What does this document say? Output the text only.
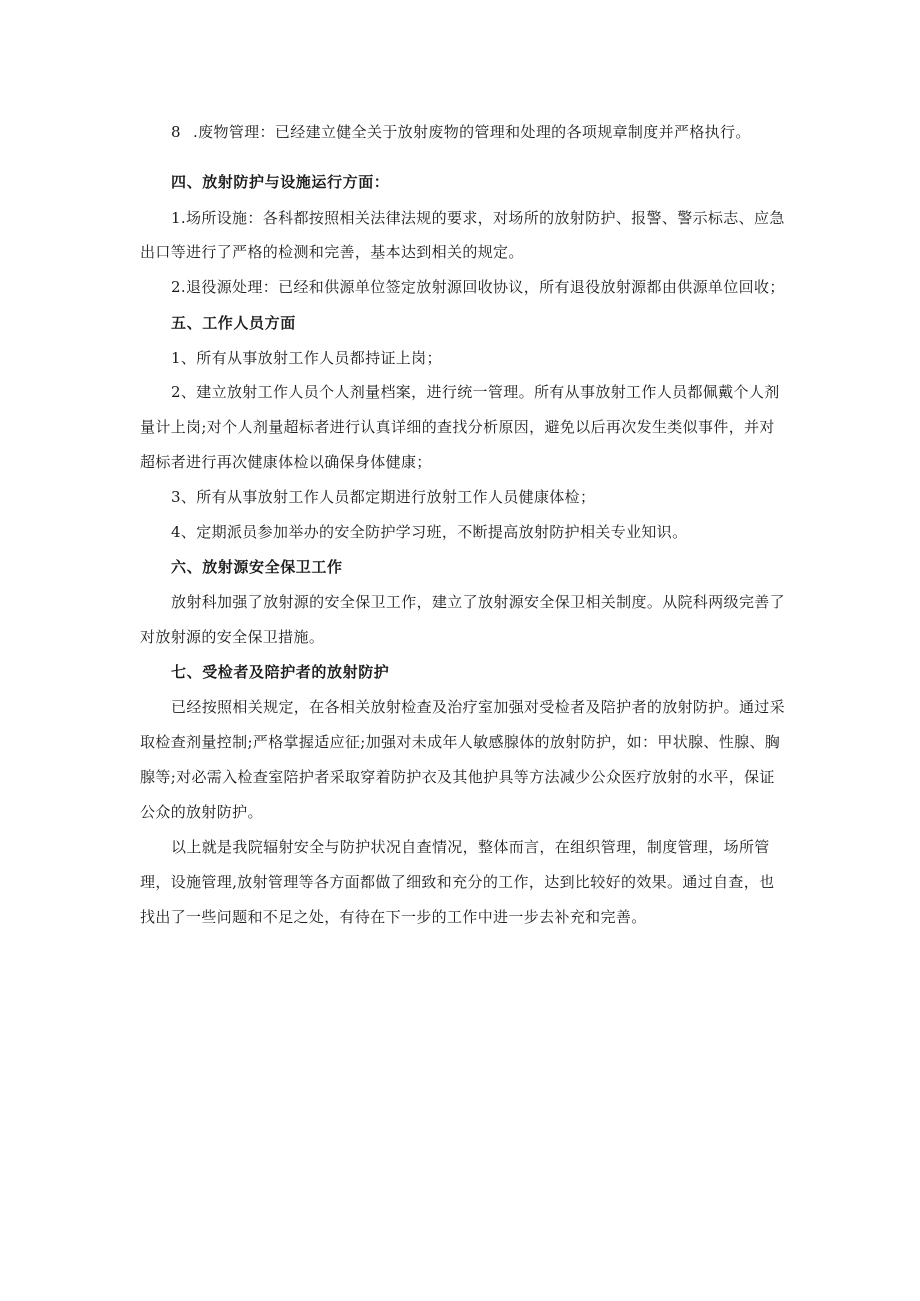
8 .废物管理：已经建立健全关于放射废物的管理和处理的各项规章制度并严格执行。
四、放射防护与设施运行方面：
1.场所设施：各科都按照相关法律法规的要求，对场所的放射防护、报警、警示标志、应急
出口等进行了严格的检测和完善，基本达到相关的规定。
2.退役源处理：已经和供源单位签定放射源回收协议，所有退役放射源都由供源单位回收；
五、工作人员方面
1、所有从事放射工作人员都持证上岗；
2、建立放射工作人员个人剂量档案，进行统一管理。所有从事放射工作人员都佩戴个人剂
量计上岗;对个人剂量超标者进行认真详细的查找分析原因，避免以后再次发生类似事件，并对
超标者进行再次健康体检以确保身体健康；
3、所有从事放射工作人员都定期进行放射工作人员健康体检；
4、定期派员参加举办的安全防护学习班，不断提高放射防护相关专业知识。
六、放射源安全保卫工作
放射科加强了放射源的安全保卫工作，建立了放射源安全保卫相关制度。从院科两级完善了
对放射源的安全保卫措施。
七、受检者及陪护者的放射防护
已经按照相关规定，在各相关放射检查及治疗室加强对受检者及陪护者的放射防护。通过采
取检查剂量控制;严格掌握适应征;加强对未成年人敏感腺体的放射防护，如：甲状腺、性腺、胸
腺等;对必需入检查室陪护者采取穿着防护衣及其他护具等方法减少公众医疗放射的水平，保证
公众的放射防护。
以上就是我院辐射安全与防护状况自查情况，整体而言，在组织管理，制度管理，场所管
理，设施管理,放射管理等各方面都做了细致和充分的工作，达到比较好的效果。通过自查，也
找出了一些问题和不足之处，有待在下一步的工作中进一步去补充和完善。
